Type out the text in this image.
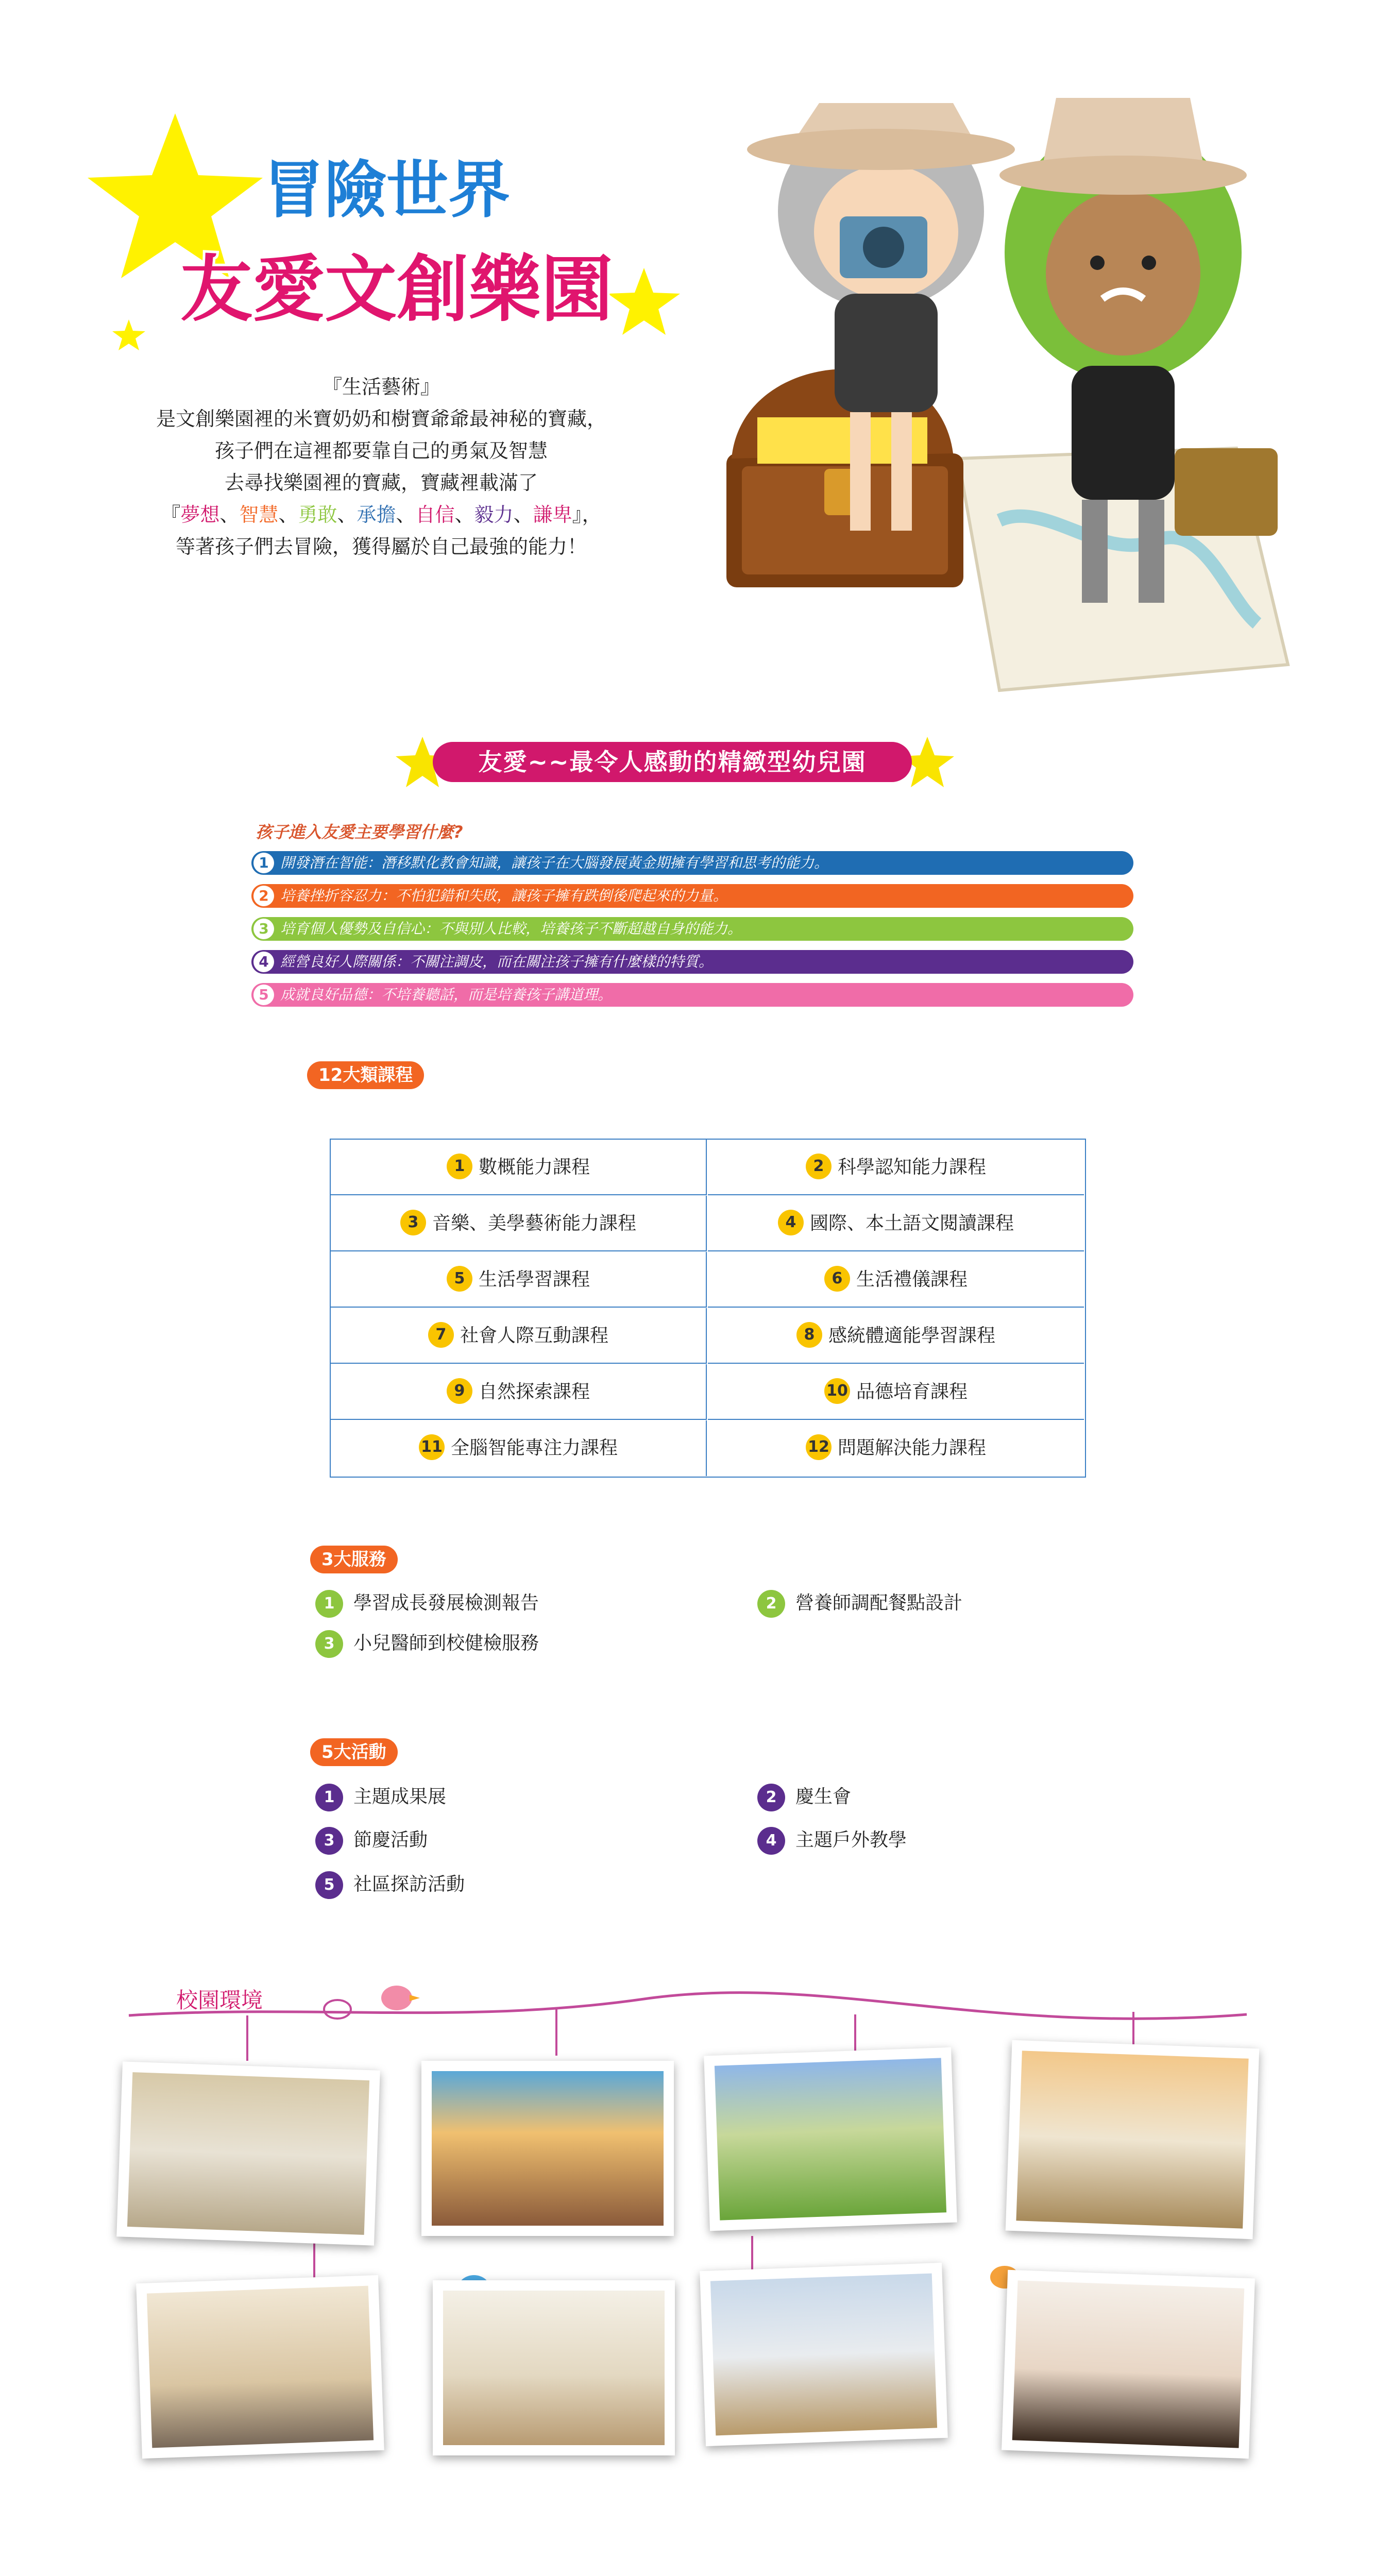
冒險世界
友愛文創樂園
『生活藝術』
是文創樂園裡的米寶奶奶和樹寶爺爺最神秘的寶藏，
孩子們在這裡都要靠自己的勇氣及智慧
去尋找樂園裡的寶藏，寶藏裡載滿了
『夢想、智慧、勇敢、承擔、自信、毅力、謙卑』，
等著孩子們去冒險，獲得屬於自己最強的能力！
友愛~~最令人感動的精緻型幼兒園
孩子進入友愛主要學習什麼?
1 開發潛在智能：潛移默化教會知識，讓孩子在大腦發展黃金期擁有學習和思考的能力。
2 培養挫折容忍力：不怕犯錯和失敗，讓孩子擁有跌倒後爬起來的力量。
3 培育個人優勢及自信心：不與別人比較，培養孩子不斷超越自身的能力。
4 經營良好人際關係：不關注調皮，而在關注孩子擁有什麼樣的特質。
5 成就良好品德：不培養聽話，而是培養孩子講道理。
12大類課程
1 數概能力課程	2 科學認知能力課程
3 音樂、美學藝術能力課程	4 國際、本土語文閱讀課程
5 生活學習課程	6 生活禮儀課程
7 社會人際互動課程	8 感統體適能學習課程
9 自然探索課程	10 品德培育課程
11 全腦智能專注力課程	12 問題解決能力課程
3大服務
1 學習成長發展檢測報告	2 營養師調配餐點設計
3 小兒醫師到校健檢服務
5大活動
1 主題成果展	2 慶生會
3 節慶活動	4 主題戶外教學
5 社區探訪活動
校園環境
